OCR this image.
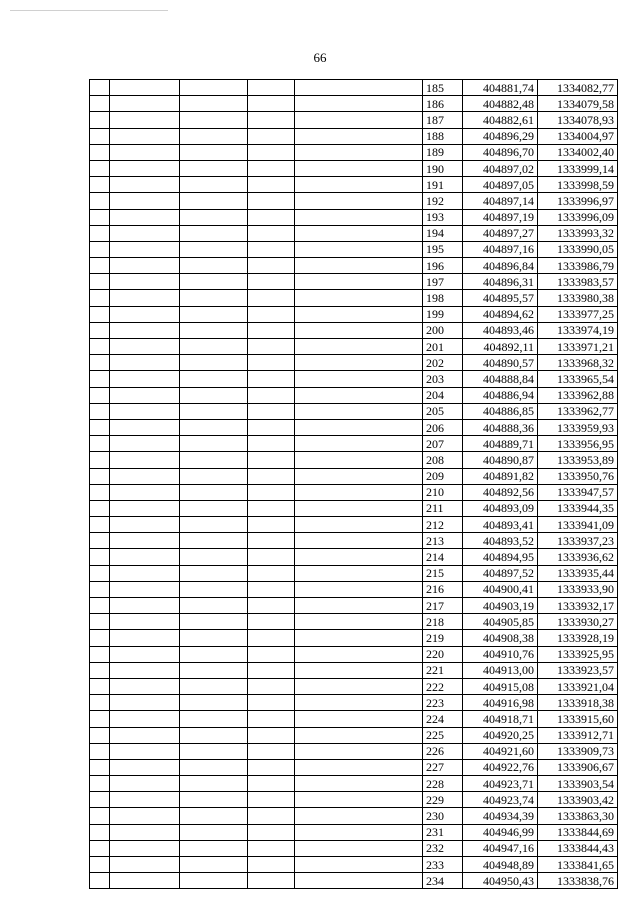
66
					185	404881,74	1334082,77
					186	404882,48	1334079,58
					187	404882,61	1334078,93
					188	404896,29	1334004,97
					189	404896,70	1334002,40
					190	404897,02	1333999,14
					191	404897,05	1333998,59
					192	404897,14	1333996,97
					193	404897,19	1333996,09
					194	404897,27	1333993,32
					195	404897,16	1333990,05
					196	404896,84	1333986,79
					197	404896,31	1333983,57
					198	404895,57	1333980,38
					199	404894,62	1333977,25
					200	404893,46	1333974,19
					201	404892,11	1333971,21
					202	404890,57	1333968,32
					203	404888,84	1333965,54
					204	404886,94	1333962,88
					205	404886,85	1333962,77
					206	404888,36	1333959,93
					207	404889,71	1333956,95
					208	404890,87	1333953,89
					209	404891,82	1333950,76
					210	404892,56	1333947,57
					211	404893,09	1333944,35
					212	404893,41	1333941,09
					213	404893,52	1333937,23
					214	404894,95	1333936,62
					215	404897,52	1333935,44
					216	404900,41	1333933,90
					217	404903,19	1333932,17
					218	404905,85	1333930,27
					219	404908,38	1333928,19
					220	404910,76	1333925,95
					221	404913,00	1333923,57
					222	404915,08	1333921,04
					223	404916,98	1333918,38
					224	404918,71	1333915,60
					225	404920,25	1333912,71
					226	404921,60	1333909,73
					227	404922,76	1333906,67
					228	404923,71	1333903,54
					229	404923,74	1333903,42
					230	404934,39	1333863,30
					231	404946,99	1333844,69
					232	404947,16	1333844,43
					233	404948,89	1333841,65
					234	404950,43	1333838,76
